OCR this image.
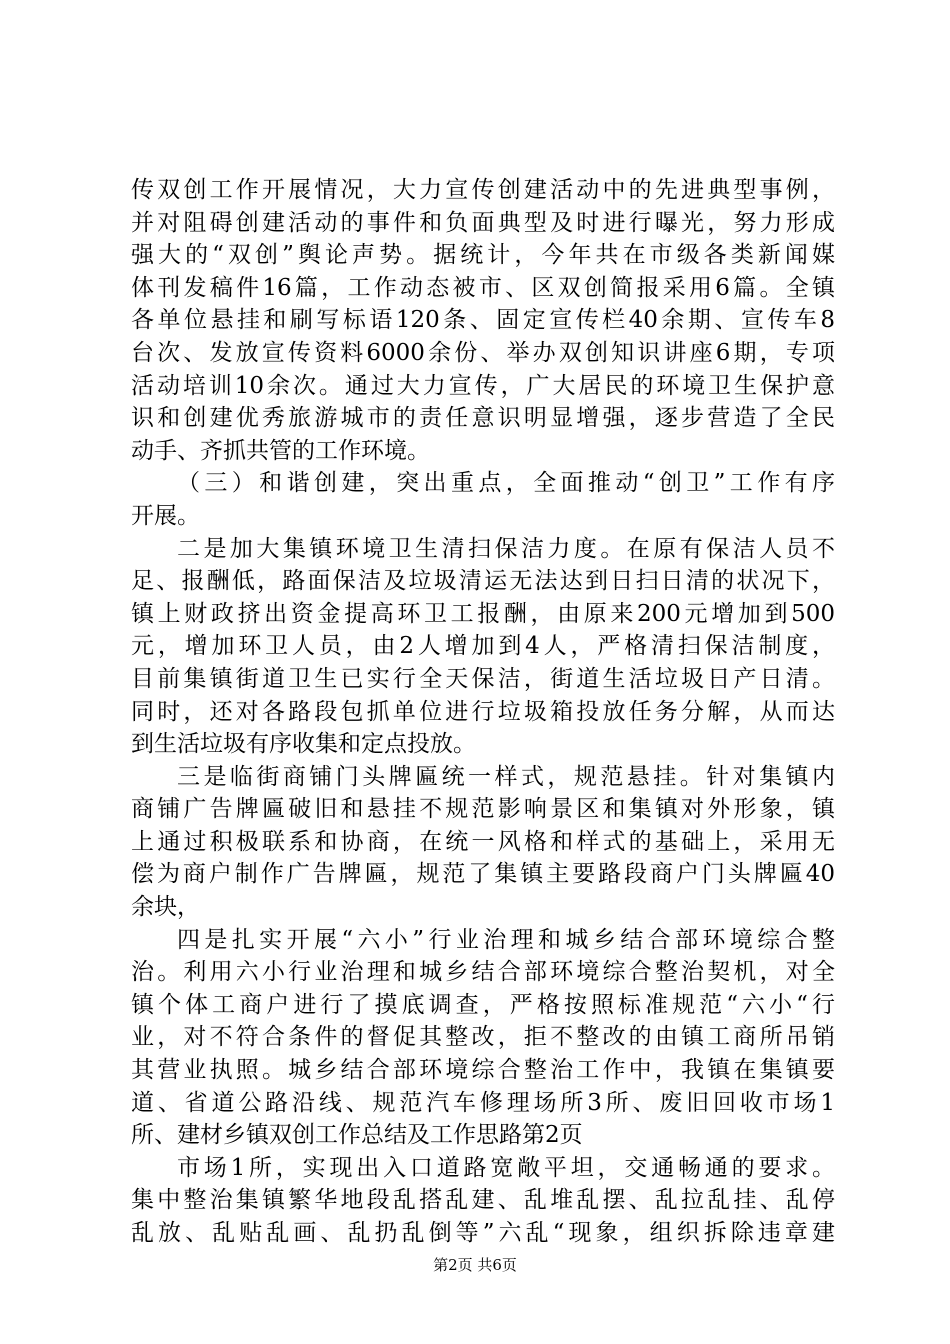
传双创工作开展情况，大力宣传创建活动中的先进典型事例，
并对阻碍创建活动的事件和负面典型及时进行曝光，努力形成
强大的“双创”舆论声势。据统计，今年共在市级各类新闻媒
体刊发稿件16篇，工作动态被市、区双创简报采用6篇。全镇
各单位悬挂和刷写标语120条、固定宣传栏40余期、宣传车8
台次、发放宣传资料6000余份、举办双创知识讲座6期，专项
活动培训10余次。通过大力宣传，广大居民的环境卫生保护意
识和创建优秀旅游城市的责任意识明显增强，逐步营造了全民
动手、齐抓共管的工作环境。
（三）和谐创建，突出重点，全面推动“创卫”工作有序
开展。
二是加大集镇环境卫生清扫保洁力度。在原有保洁人员不
足、报酬低，路面保洁及垃圾清运无法达到日扫日清的状况下，
镇上财政挤出资金提高环卫工报酬，由原来200元增加到500
元，增加环卫人员，由2人增加到4人，严格清扫保洁制度，
目前集镇街道卫生已实行全天保洁，街道生活垃圾日产日清。
同时，还对各路段包抓单位进行垃圾箱投放任务分解，从而达
到生活垃圾有序收集和定点投放。
三是临街商铺门头牌匾统一样式，规范悬挂。针对集镇内
商铺广告牌匾破旧和悬挂不规范影响景区和集镇对外形象，镇
上通过积极联系和协商，在统一风格和样式的基础上，采用无
偿为商户制作广告牌匾，规范了集镇主要路段商户门头牌匾40
余块，
四是扎实开展“六小”行业治理和城乡结合部环境综合整
治。利用六小行业治理和城乡结合部环境综合整治契机，对全
镇个体工商户进行了摸底调查，严格按照标准规范“六小“行
业，对不符合条件的督促其整改，拒不整改的由镇工商所吊销
其营业执照。城乡结合部环境综合整治工作中，我镇在集镇要
道、省道公路沿线、规范汽车修理场所3所、废旧回收市场1
所、建材乡镇双创工作总结及工作思路第2页
市场1所，实现出入口道路宽敞平坦，交通畅通的要求。
集中整治集镇繁华地段乱搭乱建、乱堆乱摆、乱拉乱挂、乱停
乱放、乱贴乱画、乱扔乱倒等”六乱“现象，组织拆除违章建
第2页 共6页
